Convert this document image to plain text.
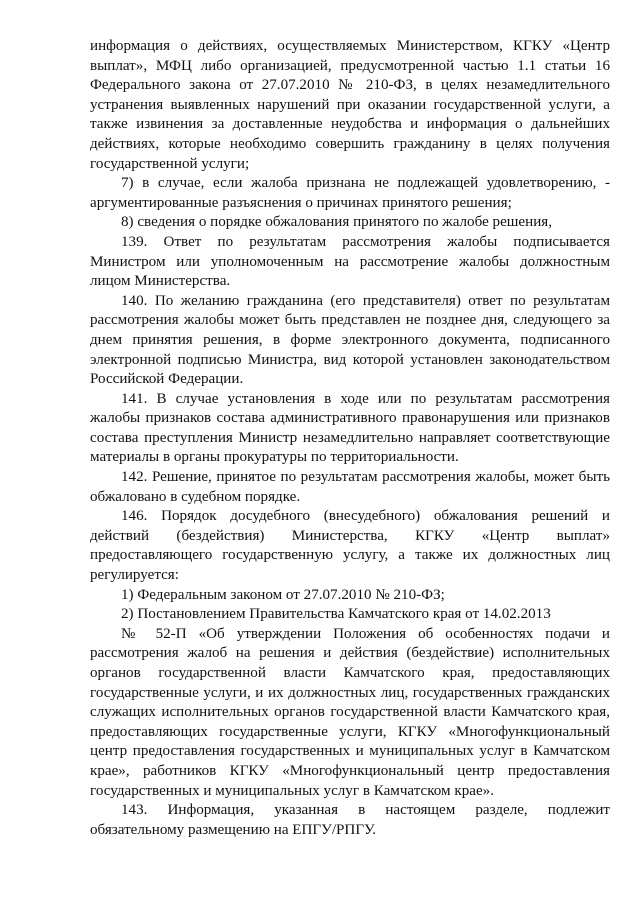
информация о действиях, осуществляемых Министерством, КГКУ «Центр выплат», МФЦ либо организацией, предусмотренной частью 1.1 статьи 16 Федерального закона от 27.07.2010 № 210-ФЗ, в целях незамедлительного устранения выявленных нарушений при оказании государственной услуги, а также извинения за доставленные неудобства и информация о дальнейших действиях, которые необходимо совершить гражданину в целях получения государственной услуги;

7) в случае, если жалоба признана не подлежащей удовлетворению, - аргументированные разъяснения о причинах принятого решения;

8) сведения о порядке обжалования принятого по жалобе решения,

139. Ответ по результатам рассмотрения жалобы подписывается Министром или уполномоченным на рассмотрение жалобы должностным лицом Министерства.

140. По желанию гражданина (его представителя) ответ по результатам рассмотрения жалобы может быть представлен не позднее дня, следующего за днем принятия решения, в форме электронного документа, подписанного электронной подписью Министра, вид которой установлен законодательством Российской Федерации.

141. В случае установления в ходе или по результатам рассмотрения жалобы признаков состава административного правонарушения или признаков состава преступления Министр незамедлительно направляет соответствующие материалы в органы прокуратуры по территориальности.

142. Решение, принятое по результатам рассмотрения жалобы, может быть обжаловано в судебном порядке.

146. Порядок досудебного (внесудебного) обжалования решений и действий (бездействия) Министерства, КГКУ «Центр выплат» предоставляющего государственную услугу, а также их должностных лиц регулируется:

1) Федеральным законом от 27.07.2010 № 210-ФЗ;

2) Постановлением Правительства Камчатского края от 14.02.2013

№ 52-П «Об утверждении Положения об особенностях подачи и рассмотрения жалоб на решения и действия (бездействие) исполнительных органов государственной власти Камчатского края, предоставляющих государственные услуги, и их должностных лиц, государственных гражданских служащих исполнительных органов государственной власти Камчатского края, предоставляющих государственные услуги, КГКУ «Многофункциональный центр предоставления государственных и муниципальных услуг в Камчатском крае», работников КГКУ «Многофункциональный центр предоставления государственных и муниципальных услуг в Камчатском крае».

143. Информация, указанная в настоящем разделе, подлежит обязательному размещению на ЕПГУ/РПГУ.
